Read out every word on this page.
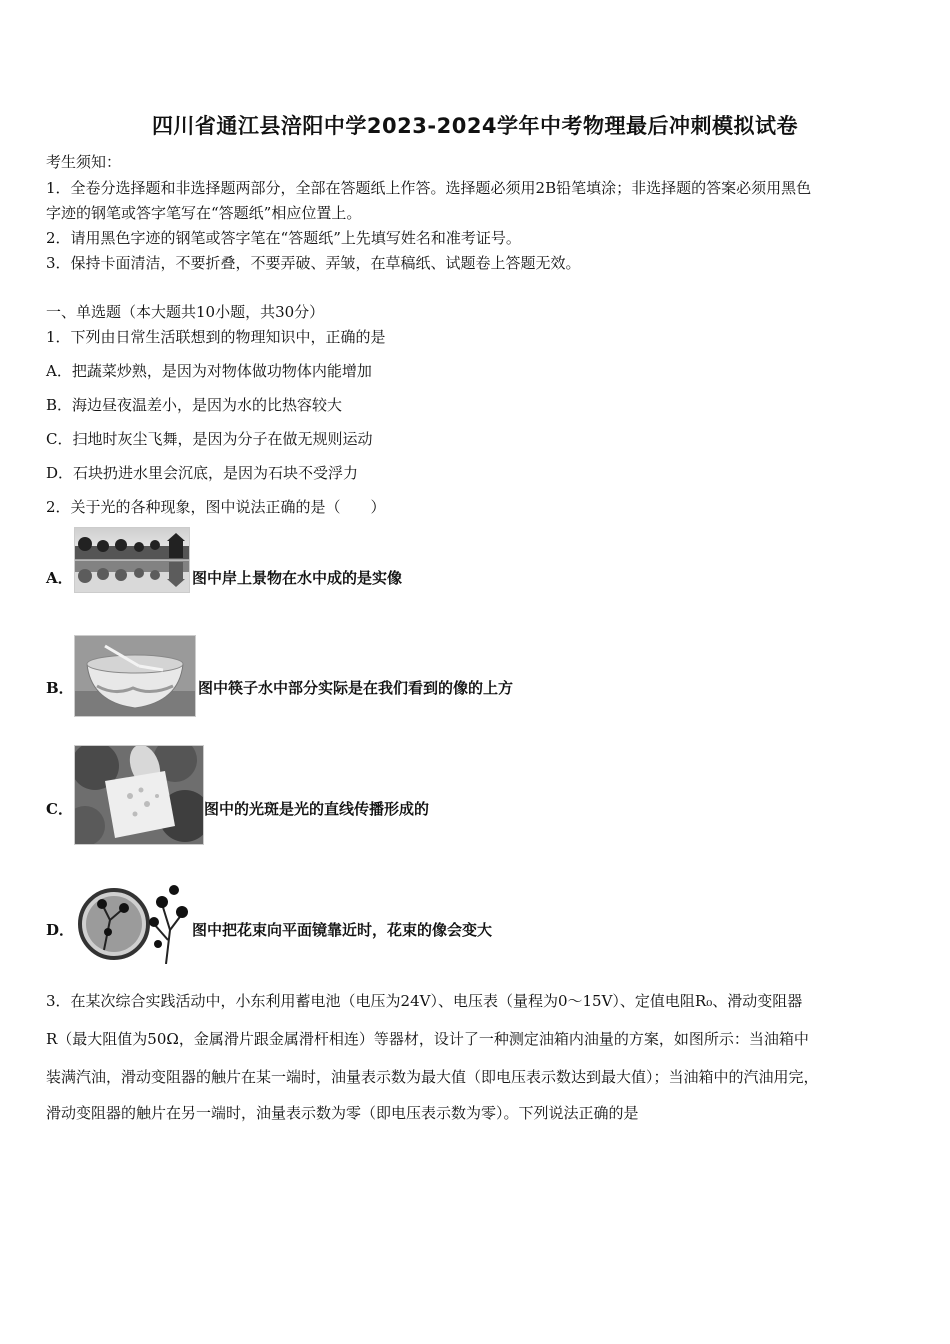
四川省通江县涪阳中学2023-2024学年中考物理最后冲刺模拟试卷
考生须知：
1．全卷分选择题和非选择题两部分，全部在答题纸上作答。选择题必须用2B铅笔填涂；非选择题的答案必须用黑色
字迹的钢笔或答字笔写在“答题纸”相应位置上。
2．请用黑色字迹的钢笔或答字笔在“答题纸”上先填写姓名和准考证号。
3．保持卡面清洁，不要折叠，不要弄破、弄皱，在草稿纸、试题卷上答题无效。
一、单选题（本大题共10小题，共30分）
1．下列由日常生活联想到的物理知识中，正确的是
A．把蔬菜炒熟，是因为对物体做功物体内能增加
B．海边昼夜温差小，是因为水的比热容较大
C．扫地时灰尘飞舞，是因为分子在做无规则运动
D．石块扔进水里会沉底，是因为石块不受浮力
2．关于光的各种现象，图中说法正确的是（　　）
A．	图中岸上景物在水中成的是实像
B．	图中筷子水中部分实际是在我们看到的像的上方
C．	图中的光斑是光的直线传播形成的
D．	图中把花束向平面镜靠近时，花束的像会变大
3．在某次综合实践活动中，小东利用蓄电池（电压为24V）、电压表（量程为0～15V）、定值电阻R₀、滑动变阻器
R（最大阻值为50Ω，金属滑片跟金属滑杆相连）等器材，设计了一种测定油箱内油量的方案，如图所示：当油箱中
装满汽油，滑动变阻器的触片在某一端时，油量表示数为最大值（即电压表示数达到最大值）；当油箱中的汽油用完，
滑动变阻器的触片在另一端时，油量表示数为零（即电压表示数为零）。下列说法正确的是
